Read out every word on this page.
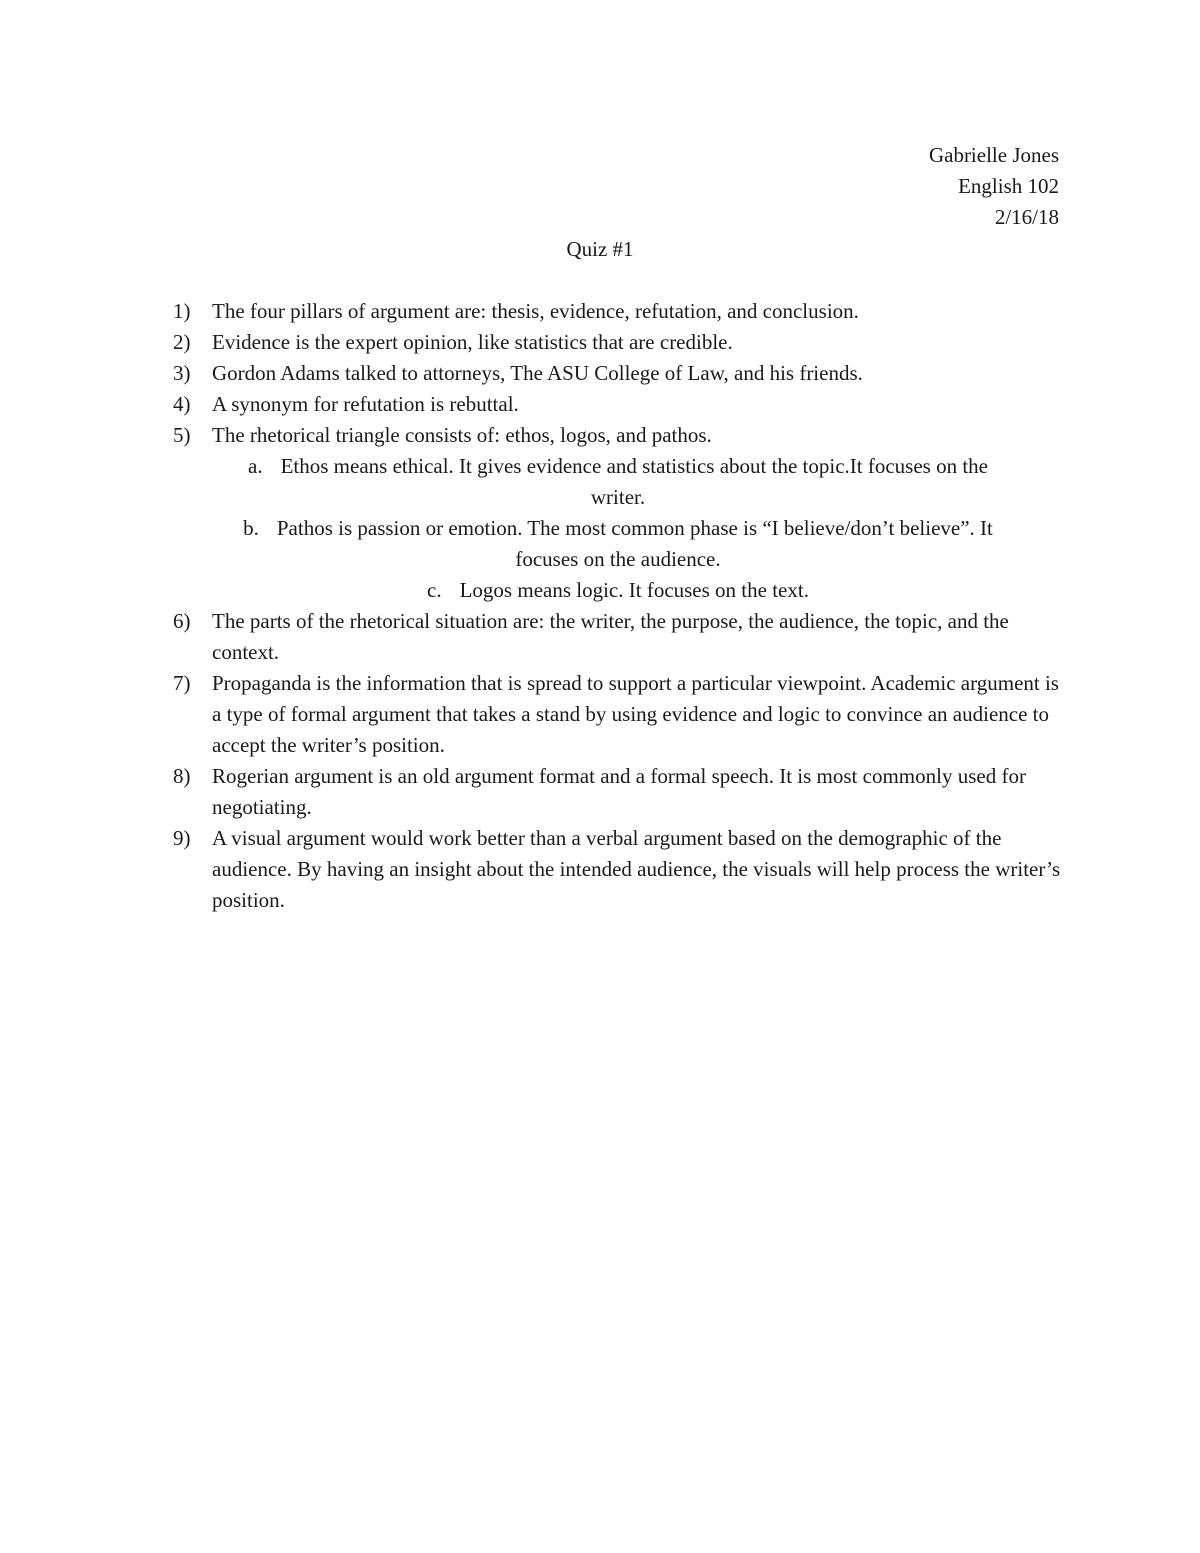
Gabrielle Jones
English 102
2/16/18
Quiz #1
1) The four pillars of argument are: thesis, evidence, refutation, and conclusion.
2) Evidence is the expert opinion, like statistics that are credible.
3) Gordon Adams talked to attorneys, The ASU College of Law, and his friends.
4) A synonym for refutation is rebuttal.
5) The rhetorical triangle consists of: ethos, logos, and pathos.
a. Ethos means ethical. It gives evidence and statistics about the topic.It focuses on the
writer.
b. Pathos is passion or emotion. The most common phase is “I believe/don’t believe”. It
focuses on the audience.
c. Logos means logic. It focuses on the text.
6) The parts of the rhetorical situation are: the writer, the purpose, the audience, the topic, and the context.
7) Propaganda is the information that is spread to support a particular viewpoint. Academic argument is a type of formal argument that takes a stand by using evidence and logic to convince an audience to accept the writer’s position.
8) Rogerian argument is an old argument format and a formal speech. It is most commonly used for negotiating.
9) A visual argument would work better than a verbal argument based on the demographic of the audience. By having an insight about the intended audience, the visuals will help process the writer’s position.
